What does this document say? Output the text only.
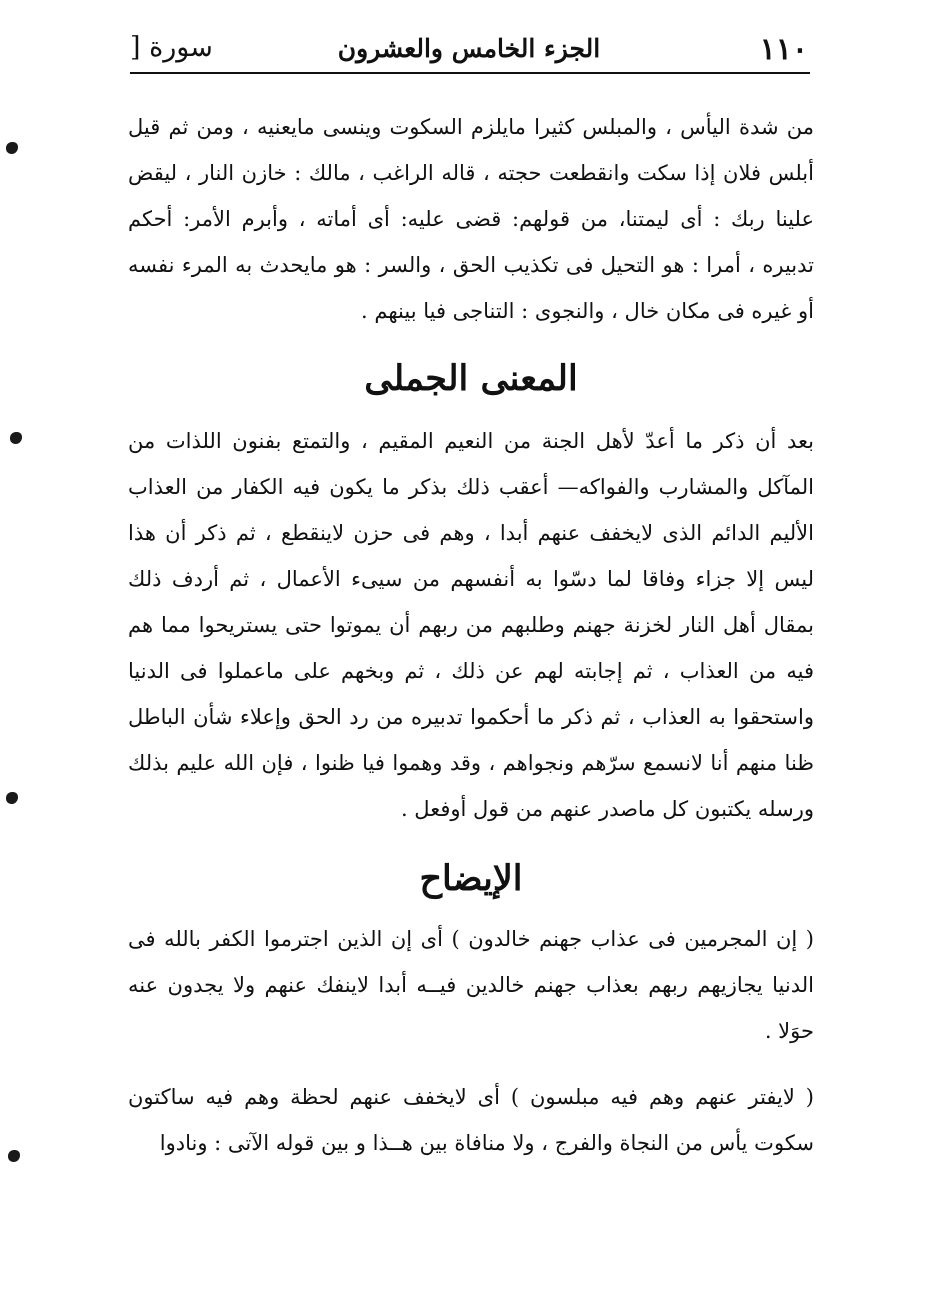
١١٠
الجزء الخامس والعشرون
سورة [

من شدة اليأس ، والمبلس كثيرا مايلزم السكوت وينسى مايعنيه ، ومن ثم قيل أبلس فلان إذا سكت وانقطعت حجته ، قاله الراغب ، مالك : خازن النار ، ليقض علينا ربك : أى ليمتنا، من قولهم: قضى عليه: أى أماته ، وأبرم الأمر: أحكم تدبيره ، أمرا : هو التحيل فى تكذيب الحق ، والسر : هو مايحدث به المرء نفسه أو غيره فى مكان خال ، والنجوى : التناجى فيا بينهم .

المعنى الجملى

بعد أن ذكر ما أعدّ لأهل الجنة من النعيم المقيم ، والتمتع بفنون اللذات من المآكل والمشارب والفواكه— أعقب ذلك بذكر ما يكون فيه الكفار من العذاب الأليم الدائم الذى لايخفف عنهم أبدا ، وهم فى حزن لاينقطع ، ثم ذكر أن هذا ليس إلا جزاء وفاقا لما دسّوا به أنفسهم من سيىء الأعمال ، ثم أردف ذلك بمقال أهل النار لخزنة جهنم وطلبهم من ربهم أن يموتوا حتى يستريحوا مما هم فيه من العذاب ، ثم إجابته لهم عن ذلك ، ثم وبخهم على ماعملوا فى الدنيا واستحقوا به العذاب ، ثم ذكر ما أحكموا تدبيره من رد الحق وإعلاء شأن الباطل ظنا منهم أنا لانسمع سرّهم ونجواهم ، وقد وهموا فيا ظنوا ، فإن الله عليم بذلك ورسله يكتبون كل ماصدر عنهم من قول أوفعل .

الإيضاح

( إن المجرمين فى عذاب جهنم خالدون ) أى إن الذين اجترموا الكفر بالله فى الدنيا يجازيهم ربهم بعذاب جهنم خالدين فيــه أبدا لاينفك عنهم ولا يجدون عنه حوَلا .

( لايفتر عنهم وهم فيه مبلسون ) أى لايخفف عنهم لحظة وهم فيه ساكتون سكوت يأس من النجاة والفرج ، ولا منافاة بين هــذا و بين قوله الآتى : ونادوا
